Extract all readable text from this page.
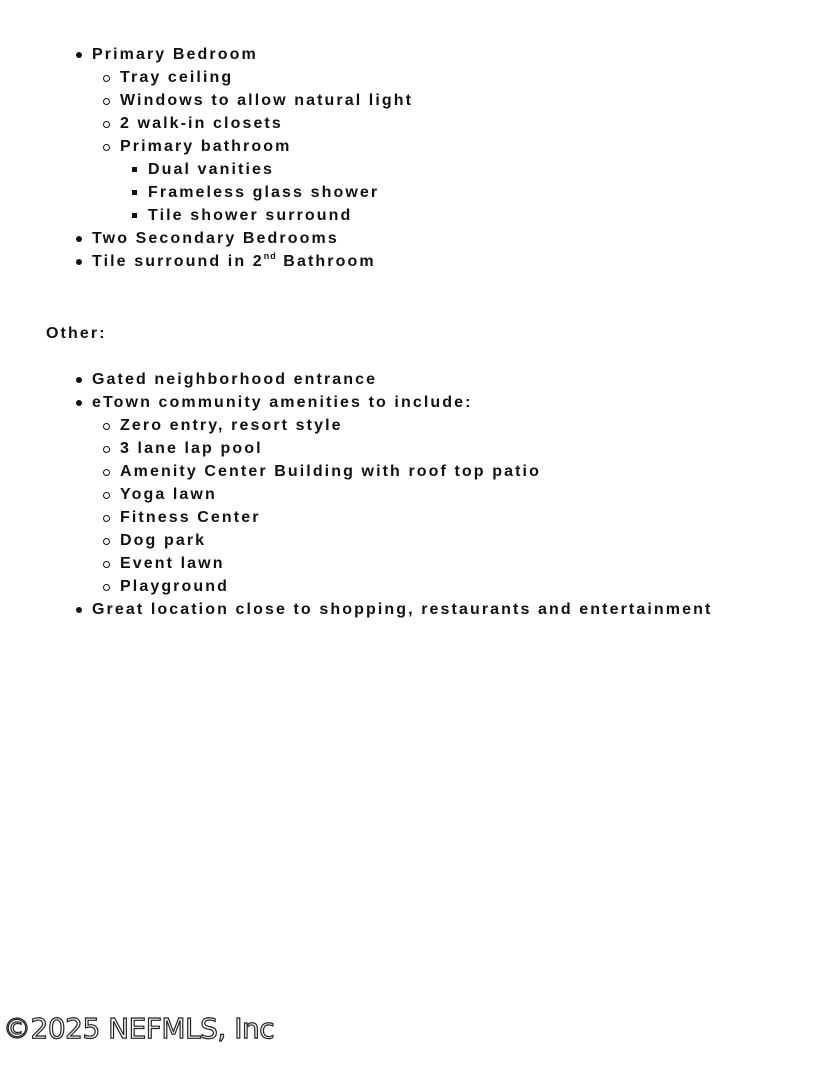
Primary Bedroom
Tray ceiling
Windows to allow natural light
2 walk-in closets
Primary bathroom
Dual vanities
Frameless glass shower
Tile shower surround
Two Secondary Bedrooms
Tile surround in 2nd Bathroom
Other:
Gated neighborhood entrance
eTown community amenities to include:
Zero entry, resort style
3 lane lap pool
Amenity Center Building with roof top patio
Yoga lawn
Fitness Center
Dog park
Event lawn
Playground
Great location close to shopping, restaurants and entertainment
©2025 NEFMLS, Inc
